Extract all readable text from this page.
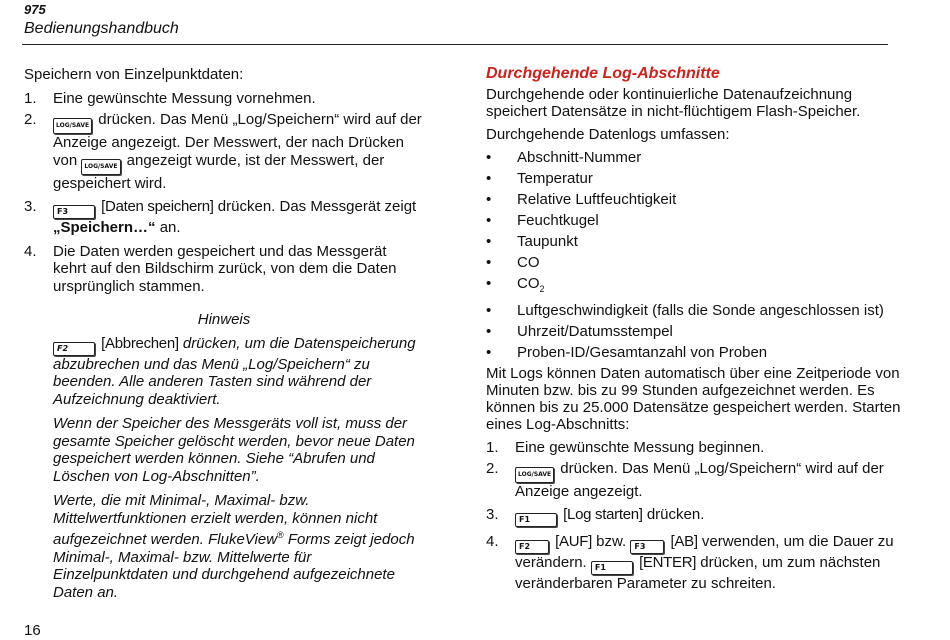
975
Bedienungshandbuch

Speichern von Einzelpunktdaten:

1. Eine gewünschte Messung vornehmen.
2.	LOG/SAVE drücken. Das Menü „Log/Speichern“ wird auf der Anzeige angezeigt. Der Messwert, der nach Drücken von LOG/SAVE angezeigt wurde, ist der Messwert, der gespeichert wird.
3.	F3 [Daten speichern] drücken. Das Messgerät zeigt „Speichern…“ an.
4. Die Daten werden gespeichert und das Messgerät kehrt auf den Bildschirm zurück, von dem die Daten ursprünglich stammen.
Hinweis

F2 [Abbrechen] drücken, um die Datenspeicherung abzubrechen und das Menü „Log/Speichern“ zu beenden. Alle anderen Tasten sind während der Aufzeichnung deaktiviert.

Wenn der Speicher des Messgeräts voll ist, muss der gesamte Speicher gelöscht werden, bevor neue Daten gespeichert werden können. Siehe “Abrufen und Löschen von Log-Abschnitten”.

Werte, die mit Minimal-, Maximal- bzw. Mittelwertfunktionen erzielt werden, können nicht aufgezeichnet werden. FlukeView® Forms zeigt jedoch Minimal-, Maximal- bzw. Mittelwerte für Einzelpunktdaten und durchgehend aufgezeichnete Daten an.

Durchgehende Log-Abschnitte

Durchgehende oder kontinuierliche Datenaufzeichnung speichert Datensätze in nicht-flüchtigem Flash-Speicher.

Durchgehende Datenlogs umfassen:

• Abschnitt-Nummer
• Temperatur
• Relative Luftfeuchtigkeit
• Feuchtkugel
• Taupunkt
• CO
• $CO_2$
• Luftgeschwindigkeit (falls die Sonde angeschlossen ist)
• Uhrzeit/Datumsstempel
• Proben-ID/Gesamtanzahl von Proben

Mit Logs können Daten automatisch über eine Zeitperiode von Minuten bzw. bis zu 99 Stunden aufgezeichnet werden. Es können bis zu 25.000 Datensätze gespeichert werden. Starten eines Log-Abschnitts:

1. Eine gewünschte Messung beginnen.
2.	LOG/SAVE drücken. Das Menü „Log/Speichern“ wird auf der Anzeige angezeigt.
3.	F1 [Log starten] drücken.
4.	F2 [AUF] bzw. F3 [AB] verwenden, um die Dauer zu verändern. F1 [ENTER] drücken, um zum nächsten veränderbaren Parameter zu schreiten.
16
